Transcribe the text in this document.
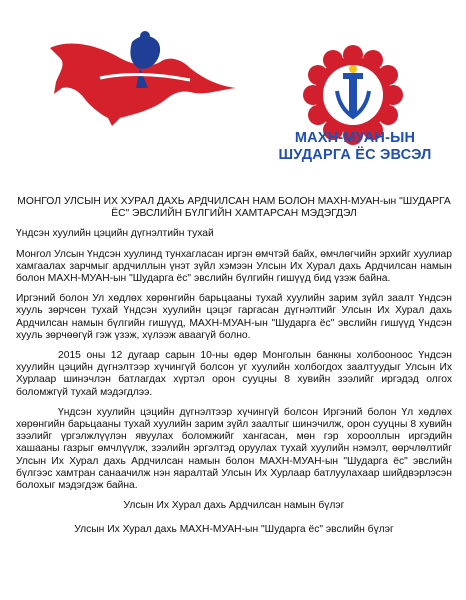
МАХН-МУАН-ЫН
ШУДАРГА ЁС ЭВСЭЛ
МОНГОЛ УЛСЫН ИХ ХУРАЛ ДАХЬ АРДЧИЛСАН НАМ БОЛОН МАХН-МУАН-ын "ШУДАРГА ЁС" ЭВСЛИЙН БҮЛГИЙН ХАМТАРСАН МЭДЭГДЭЛ
Үндсэн хуулийн цэцийн дүгнэлтийн тухай
Монгол Улсын Үндсэн хуулинд тунхагласан иргэн өмчтэй байх, өмчлөгчийн эрхийг хуулиар хамгаалах зарчмыг ардчиллын үнэт зүйл хэмээн Улсын Их Хурал дахь Ардчилсан намын болон МАХН-МУАН-ын "Шударга ёс" эвслийн бүлгийн гишүүд бид үзэж байна.
Иргэний болон Ул хөдлөх хөрөнгийн барьцааны тухай хуулийн зарим зүйл заалт Үндсэн хууль зөрчсөн тухай Үндсэн хуулийн цэцэг гаргасан дүгнэлтийг Улсын Их Хурал дахь Ардчилсан намын бүлгийн гишүүд, МАХН-МУАН-ын "Шударга ёс" эвслийн гишүүд Үндсэн хууль зөрчөөгүй гэж үзэж, хүлээж аваагүй болно.
2015 оны 12 дугаар сарын 10-ны өдөр Монголын банкны холбооноос Үндсэн хуулийн цэцийн дүгнэлтээр хүчингүй болсон уг хуулийн холбогдох заалтуудыг Улсын Их Хурлаар шинэчлэн батлагдах хүртэл орон сууцны 8 хувийн зээлийг иргэдэд олгох боломжгүй тухай мэдэгдлээ.
Үндсэн хуулийн цэцийн дүгнэлтээр хүчингүй болсон Иргэний болон Үл хөдлөх хөрөнгийн барьцааны тухай хуулийн зарим зүйл заалтыг шинэчилж, орон сууцны 8 хувийн зээлийг үргэлжлүүлэн явуулах боломжийг хангасан, мөн гэр хорооллын иргэдийн хашааны газрыг өмчлүүлж, зээлийн эргэлтэд оруулах тухай хуулийн нэмэлт, өөрчлөлтийг Улсын Их Хурал дахь Ардчилсан намын болон МАХН-МУАН-ын "Шударга ёс" эвслийн бүлгээс хамтран санаачилж нэн яаралтай Улсын Их Хурлаар батлуулахаар шийдвэрлэсэн болохыг мэдэгдэж байна.
Улсын Их Хурал дахь Ардчилсан намын бүлэг
Улсын Их Хурал дахь МАХН-МУАН-ын "Шударга ёс" эвслийн бүлэг
